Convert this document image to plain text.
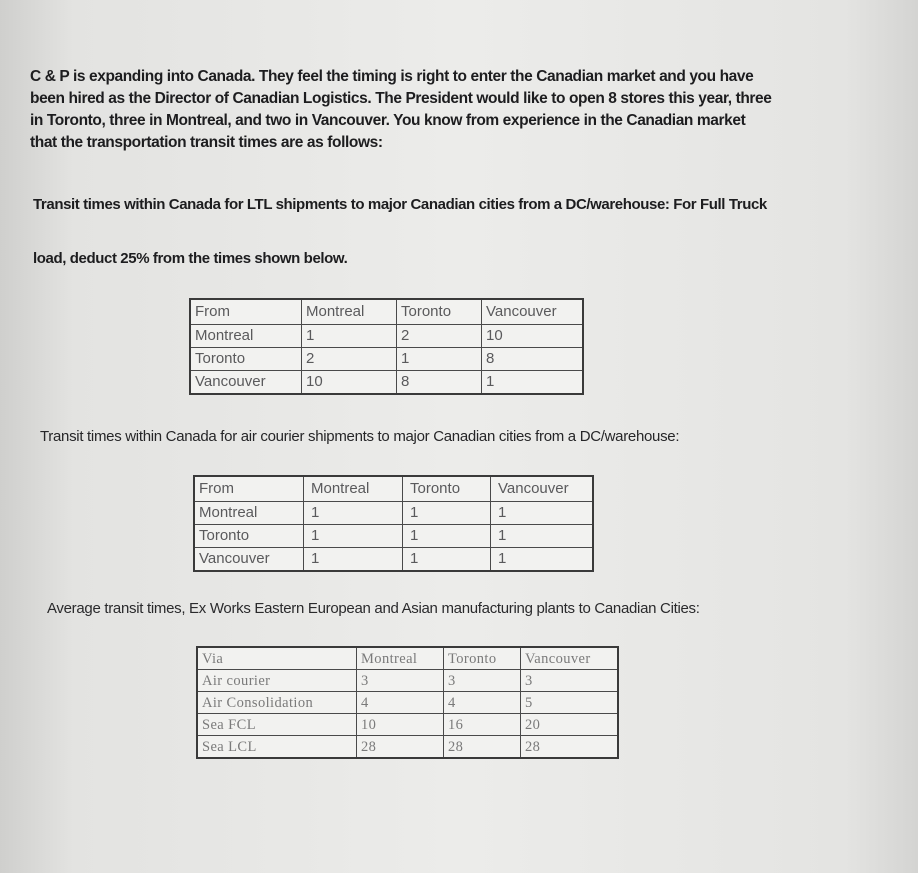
C & P is expanding into Canada. They feel the timing is right to enter the Canadian market and you have
been hired as the Director of Canadian Logistics. The President would like to open 8 stores this year, three
in Toronto, three in Montreal, and two in Vancouver. You know from experience in the Canadian market
that the transportation transit times are as follows:

Transit times within Canada for LTL shipments to major Canadian cities from a DC/warehouse: For Full Truck

load, deduct 25% from the times shown below.

From	Montreal	Toronto	Vancouver
Montreal	1	2	10
Toronto	2	1	8
Vancouver	10	8	1

Transit times within Canada for air courier shipments to major Canadian cities from a DC/warehouse:

From	Montreal	Toronto	Vancouver
Montreal	1	1	1
Toronto	1	1	1
Vancouver	1	1	1

Average transit times, Ex Works Eastern European and Asian manufacturing plants to Canadian Cities:

Via	Montreal	Toronto	Vancouver
Air courier	3	3	3
Air Consolidation	4	4	5
Sea FCL	10	16	20
Sea LCL	28	28	28
